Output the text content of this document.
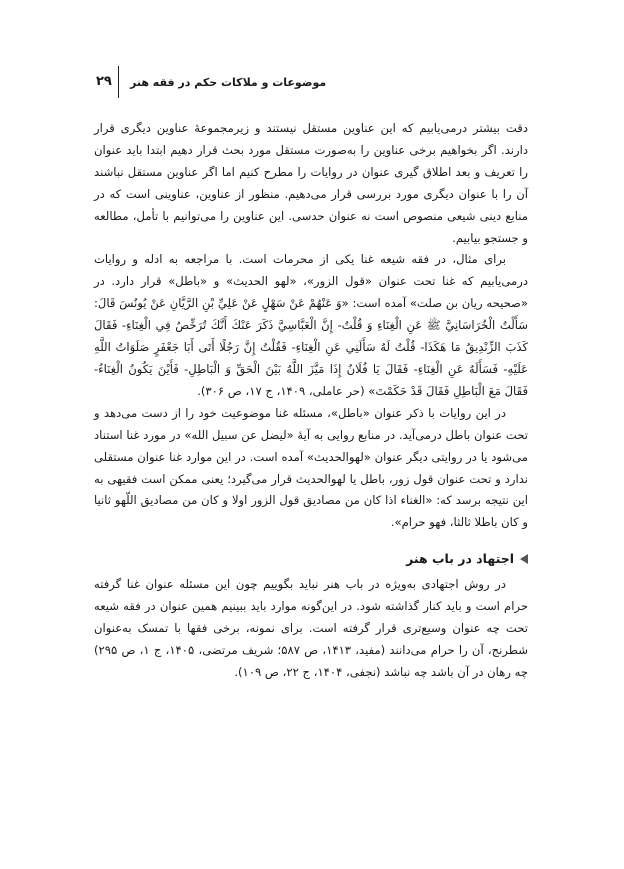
۲۹ موضوعات و ملاکات حکم در فقه هنر

دقت بیشتر درمی‌یابیم که این عناوین مستقل نیستند و زیرمجموعهٔ عناوین دیگری قرار دارند. اگر بخواهیم برخی عناوین را به‌صورت مستقل مورد بحث قرار دهیم ابتدا باید عنوان را تعریف و بعد اطلاق گیری عنوان در روایات را مطرح کنیم اما اگر عناوین مستقل نباشند آن را با عنوان دیگری مورد بررسی قرار می‌دهیم. منظور از عناوین، عناوینی است که در منابع دینی شیعی منصوص است نه عنوان حدسی. این عناوین را می‌توانیم با تأمل، مطالعه و جستجو بیابیم.

برای مثال، در فقه شیعه غنا یکی از محرمات است. با مراجعه به ادله و روایات درمی‌یابیم که غنا تحت عنوان «قول الزور»، «لهو الحدیث» و «باطل» قرار دارد. در «صحیحه ریان بن صلت» آمده است: «وَ عَنْهُمْ عَنْ سَهْلٍ عَنْ عَلِيِّ بْنِ الرَّيَّانِ عَنْ يُونُسَ قَالَ: سَأَلْتُ الْخُرَاسَانِيَّ ﷺ عَنِ الْغِنَاءِ وَ قُلْتُ- إِنَّ الْعَبَّاسِيَّ ذَكَرَ عَنْكَ أَنَّكَ تُرَخِّصُ فِي الْغِنَاءِ- فَقَالَ كَذَبَ الزِّنْدِيقُ مَا هَكَذَا- قُلْتُ لَهُ سَأَلَنِي عَنِ الْغِنَاءِ- فَقُلْتُ إِنَّ رَجُلًا أَتَى أَبَا جَعْفَرٍ صَلَوَاتُ اللَّهِ عَلَيْهِ- فَسَأَلَهُ عَنِ الْغِنَاءِ- فَقَالَ يَا فُلَانُ إِذَا مَيَّزَ اللَّهُ بَيْنَ الْحَقِّ وَ الْبَاطِلِ- فَأَيْنَ يَكُونُ الْغِنَاءُ- فَقَالَ مَعَ الْبَاطِلِ فَقَالَ قَدْ حَكَمْتَ» (حر عاملی، ۱۴۰۹، ج ۱۷، ص ۳۰۶).

در این روایات با ذکر عنوان «باطل»، مسئله غنا موضوعیت خود را از دست می‌دهد و تحت عنوان باطل درمی‌آید. در منابع روایی به آیهٔ «لیضل عن سبیل الله» در مورد غنا استناد می‌شود یا در روایتی دیگر عنوان «لهوالحدیث» آمده است. در این موارد غنا عنوان مستقلی ندارد و تحت عنوان قول زور، باطل یا لهوالحدیث قرار می‌گیرد؛ یعنی ممکن است فقیهی به این نتیجه برسد که: «الغناء اذا کان من مصادیق قول الزور اولا و کان من مصادیق اللّهو ثانیا و کان باطلا ثالثا، فهو حرام».

اجتهاد در باب هنر

در روش اجتهادی به‌ویژه در باب هنر نباید بگوییم چون این مسئله عنوان غنا گرفته حرام است و باید کنار گذاشته شود. در این‌گونه موارد باید ببینیم همین عنوان در فقه شیعه تحت چه عنوان وسیع‌تری قرار گرفته است. برای نمونه، برخی فقها با تمسک به‌عنوان شطرنج، آن را حرام می‌دانند (مفید، ۱۴۱۳، ص ۵۸۷؛ شریف مرتضی، ۱۴۰۵، ج ۱، ص ۲۹۵) چه رهان در آن باشد چه نباشد (نجفی، ۱۴۰۴، ج ۲۲، ص ۱۰۹).
